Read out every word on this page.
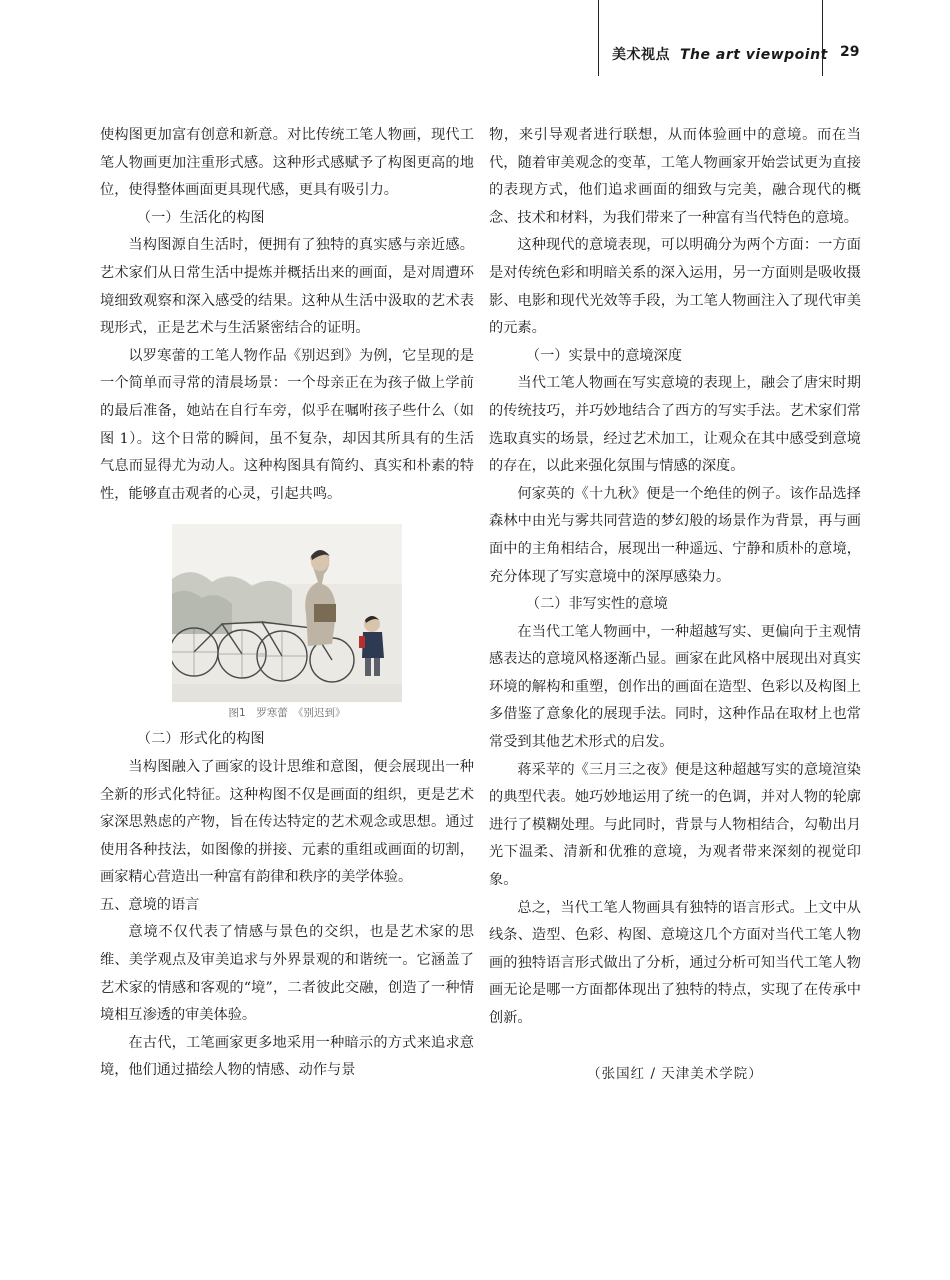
美术视点 The art viewpoint 29

使构图更加富有创意和新意。对比传统工笔人物画，现代工笔人物画更加注重形式感。这种形式感赋予了构图更高的地位，使得整体画面更具现代感，更具有吸引力。

（一）生活化的构图

当构图源自生活时，便拥有了独特的真实感与亲近感。艺术家们从日常生活中提炼并概括出来的画面，是对周遭环境细致观察和深入感受的结果。这种从生活中汲取的艺术表现形式，正是艺术与生活紧密结合的证明。

以罗寒蕾的工笔人物作品《别迟到》为例，它呈现的是一个简单而寻常的清晨场景：一个母亲正在为孩子做上学前的最后准备，她站在自行车旁，似乎在嘱咐孩子些什么（如图 1）。这个日常的瞬间，虽不复杂，却因其所具有的生活气息而显得尤为动人。这种构图具有简约、真实和朴素的特性，能够直击观者的心灵，引起共鸣。

图1　罗寒蕾　《别迟到》

（二）形式化的构图

当构图融入了画家的设计思维和意图，便会展现出一种全新的形式化特征。这种构图不仅是画面的组织，更是艺术家深思熟虑的产物，旨在传达特定的艺术观念或思想。通过使用各种技法，如图像的拼接、元素的重组或画面的切割，画家精心营造出一种富有韵律和秩序的美学体验。

五、意境的语言

意境不仅代表了情感与景色的交织，也是艺术家的思维、美学观点及审美追求与外界景观的和谐统一。它涵盖了艺术家的情感和客观的“境”，二者彼此交融，创造了一种情境相互渗透的审美体验。

在古代，工笔画家更多地采用一种暗示的方式来追求意境，他们通过描绘人物的情感、动作与景

物，来引导观者进行联想，从而体验画中的意境。而在当代，随着审美观念的变革，工笔人物画家开始尝试更为直接的表现方式，他们追求画面的细致与完美，融合现代的概念、技术和材料，为我们带来了一种富有当代特色的意境。

这种现代的意境表现，可以明确分为两个方面：一方面是对传统色彩和明暗关系的深入运用，另一方面则是吸收摄影、电影和现代光效等手段，为工笔人物画注入了现代审美的元素。

（一）实景中的意境深度

当代工笔人物画在写实意境的表现上，融会了唐宋时期的传统技巧，并巧妙地结合了西方的写实手法。艺术家们常选取真实的场景，经过艺术加工，让观众在其中感受到意境的存在，以此来强化氛围与情感的深度。

何家英的《十九秋》便是一个绝佳的例子。该作品选择森林中由光与雾共同营造的梦幻般的场景作为背景，再与画面中的主角相结合，展现出一种遥远、宁静和质朴的意境，充分体现了写实意境中的深厚感染力。

（二）非写实性的意境

在当代工笔人物画中，一种超越写实、更偏向于主观情感表达的意境风格逐渐凸显。画家在此风格中展现出对真实环境的解构和重塑，创作出的画面在造型、色彩以及构图上多借鉴了意象化的展现手法。同时，这种作品在取材上也常常受到其他艺术形式的启发。

蒋采苹的《三月三之夜》便是这种超越写实的意境渲染的典型代表。她巧妙地运用了统一的色调，并对人物的轮廓进行了模糊处理。与此同时，背景与人物相结合，勾勒出月光下温柔、清新和优雅的意境，为观者带来深刻的视觉印象。

总之，当代工笔人物画具有独特的语言形式。上文中从线条、造型、色彩、构图、意境这几个方面对当代工笔人物画的独特语言形式做出了分析，通过分析可知当代工笔人物画无论是哪一方面都体现出了独特的特点，实现了在传承中创新。

（张国红 / 天津美术学院）
